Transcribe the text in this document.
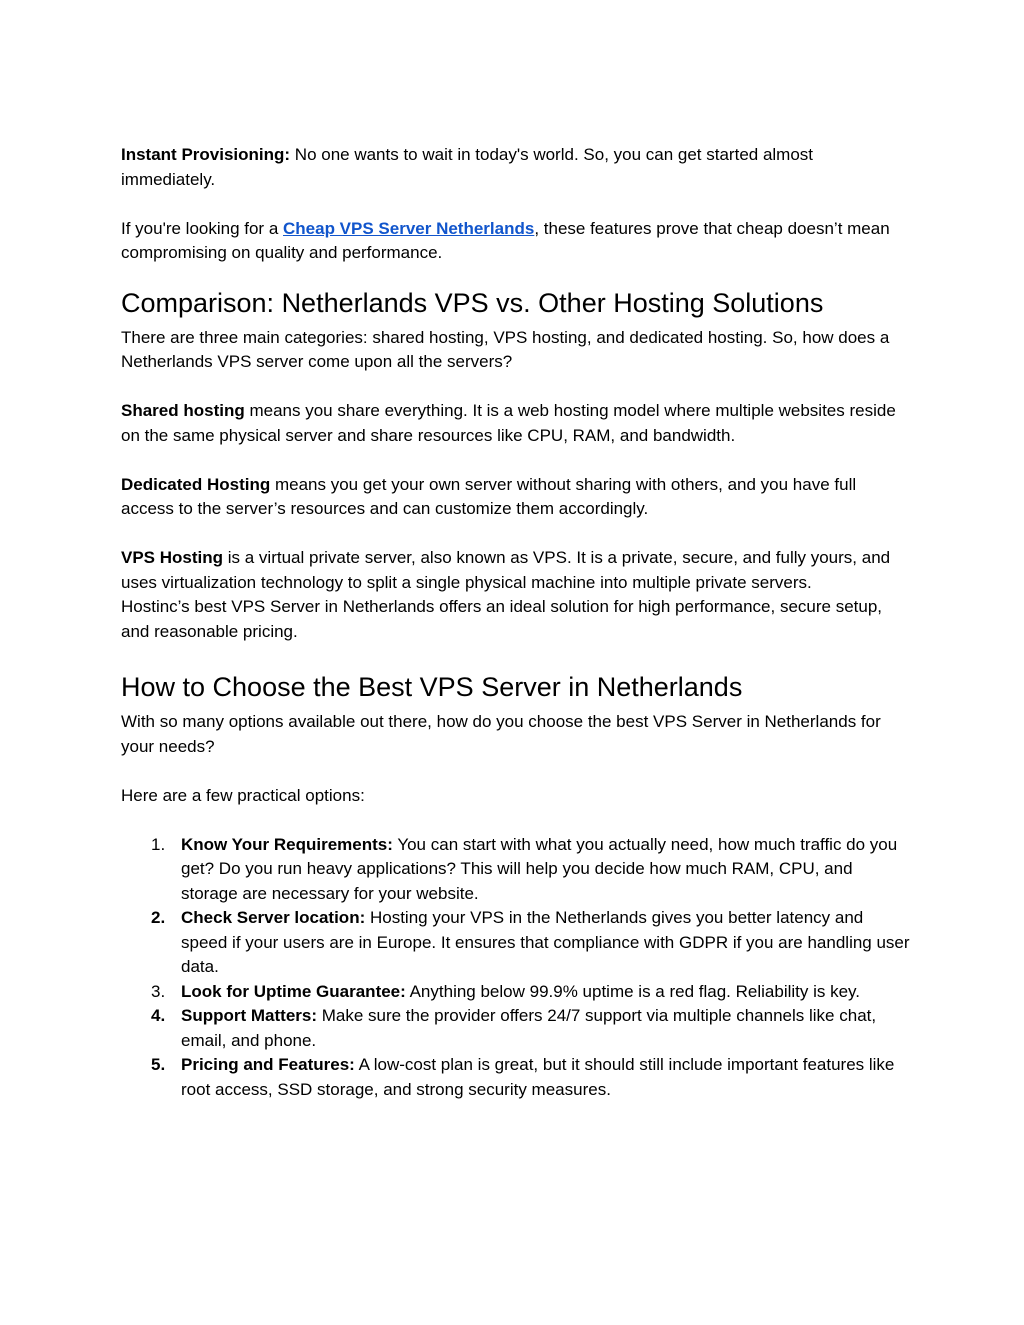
Instant Provisioning: No one wants to wait in today's world. So, you can get started almost immediately.

If you're looking for a Cheap VPS Server Netherlands, these features prove that cheap doesn’t mean compromising on quality and performance.

Comparison: Netherlands VPS vs. Other Hosting Solutions

There are three main categories: shared hosting, VPS hosting, and dedicated hosting. So, how does a Netherlands VPS server come upon all the servers?

Shared hosting means you share everything. It is a web hosting model where multiple websites reside on the same physical server and share resources like CPU, RAM, and bandwidth.

Dedicated Hosting means you get your own server without sharing with others, and you have full access to the server’s resources and can customize them accordingly.

VPS Hosting is a virtual private server, also known as VPS. It is a private, secure, and fully yours, and uses virtualization technology to split a single physical machine into multiple private servers.

Hostinc’s best VPS Server in Netherlands offers an ideal solution for high performance, secure setup, and reasonable pricing.

How to Choose the Best VPS Server in Netherlands

With so many options available out there, how do you choose the best VPS Server in Netherlands for your needs?

Here are a few practical options:

1. Know Your Requirements: You can start with what you actually need, how much traffic do you get? Do you run heavy applications? This will help you decide how much RAM, CPU, and storage are necessary for your website.
2. Check Server location: Hosting your VPS in the Netherlands gives you better latency and speed if your users are in Europe. It ensures that compliance with GDPR if you are handling user data.
3. Look for Uptime Guarantee: Anything below 99.9% uptime is a red flag. Reliability is key.
4. Support Matters: Make sure the provider offers 24/7 support via multiple channels like chat, email, and phone.
5. Pricing and Features: A low-cost plan is great, but it should still include important features like root access, SSD storage, and strong security measures.
